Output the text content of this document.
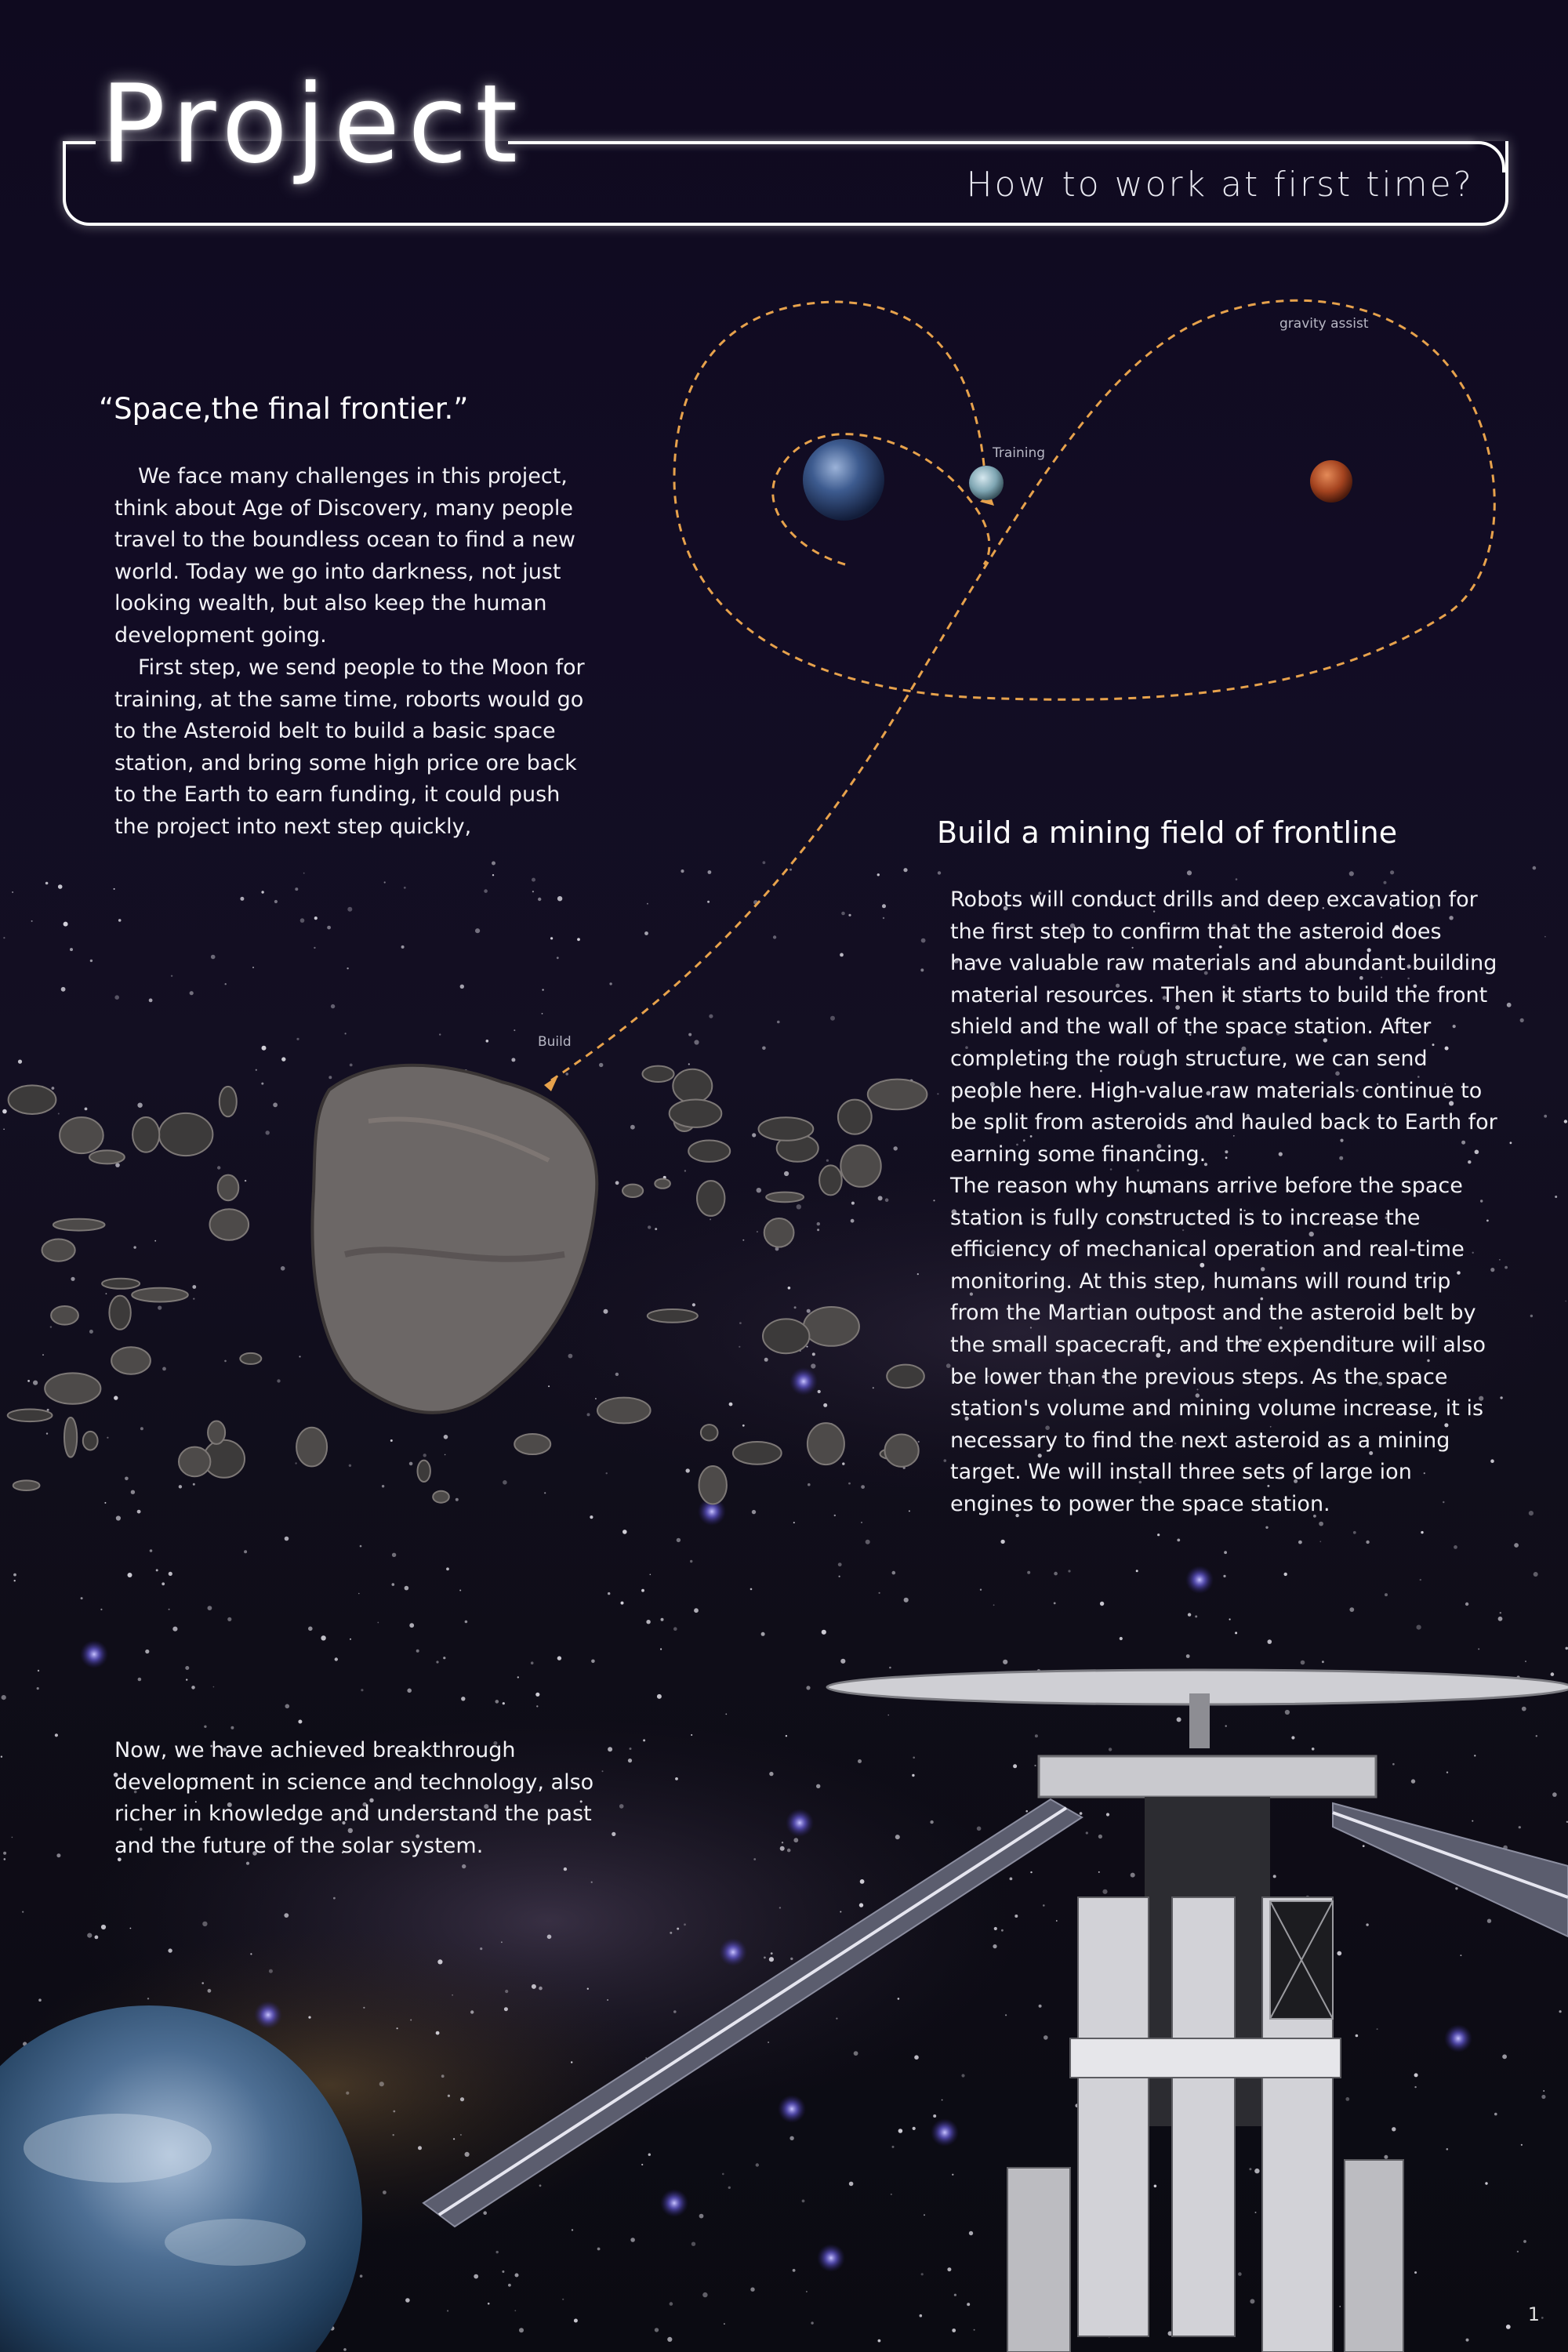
Project	How to work at first time?
Training
gravity assist
Build
“Space,the final frontier.”
We face many challenges in this project, think about Age of Discovery, many people travel to the boundless ocean to find a new world. Today we go into darkness, not just looking wealth, but also keep the human development going.
First step, we send people to the Moon for training, at the same time, roborts would go to the Asteroid belt to build a basic space station, and bring some high price ore back to the Earth to earn funding, it could push the project into next step quickly,
Now, we have achieved breakthrough development in science and technology, also richer in knowledge and understand the past and the future of the solar system.
Build a mining field of frontline
Robots will conduct drills and deep excavation for the first step to confirm that the asteroid does have valuable raw materials and abundant building material resources. Then it starts to build the front shield and the wall of the space station. After completing the rough structure, we can send people here. High-value raw materials continue to be split from asteroids and hauled back to Earth for earning some financing.
The reason why humans arrive before the space station is fully constructed is to increase the efficiency of mechanical operation and real-time monitoring. At this step, humans will round trip from the Martian outpost and the asteroid belt by the small spacecraft, and the expenditure will also be lower than the previous steps. As the space station's volume and mining volume increase, it is necessary to find the next asteroid as a mining target. We will install three sets of large ion engines to power the space station.
1
